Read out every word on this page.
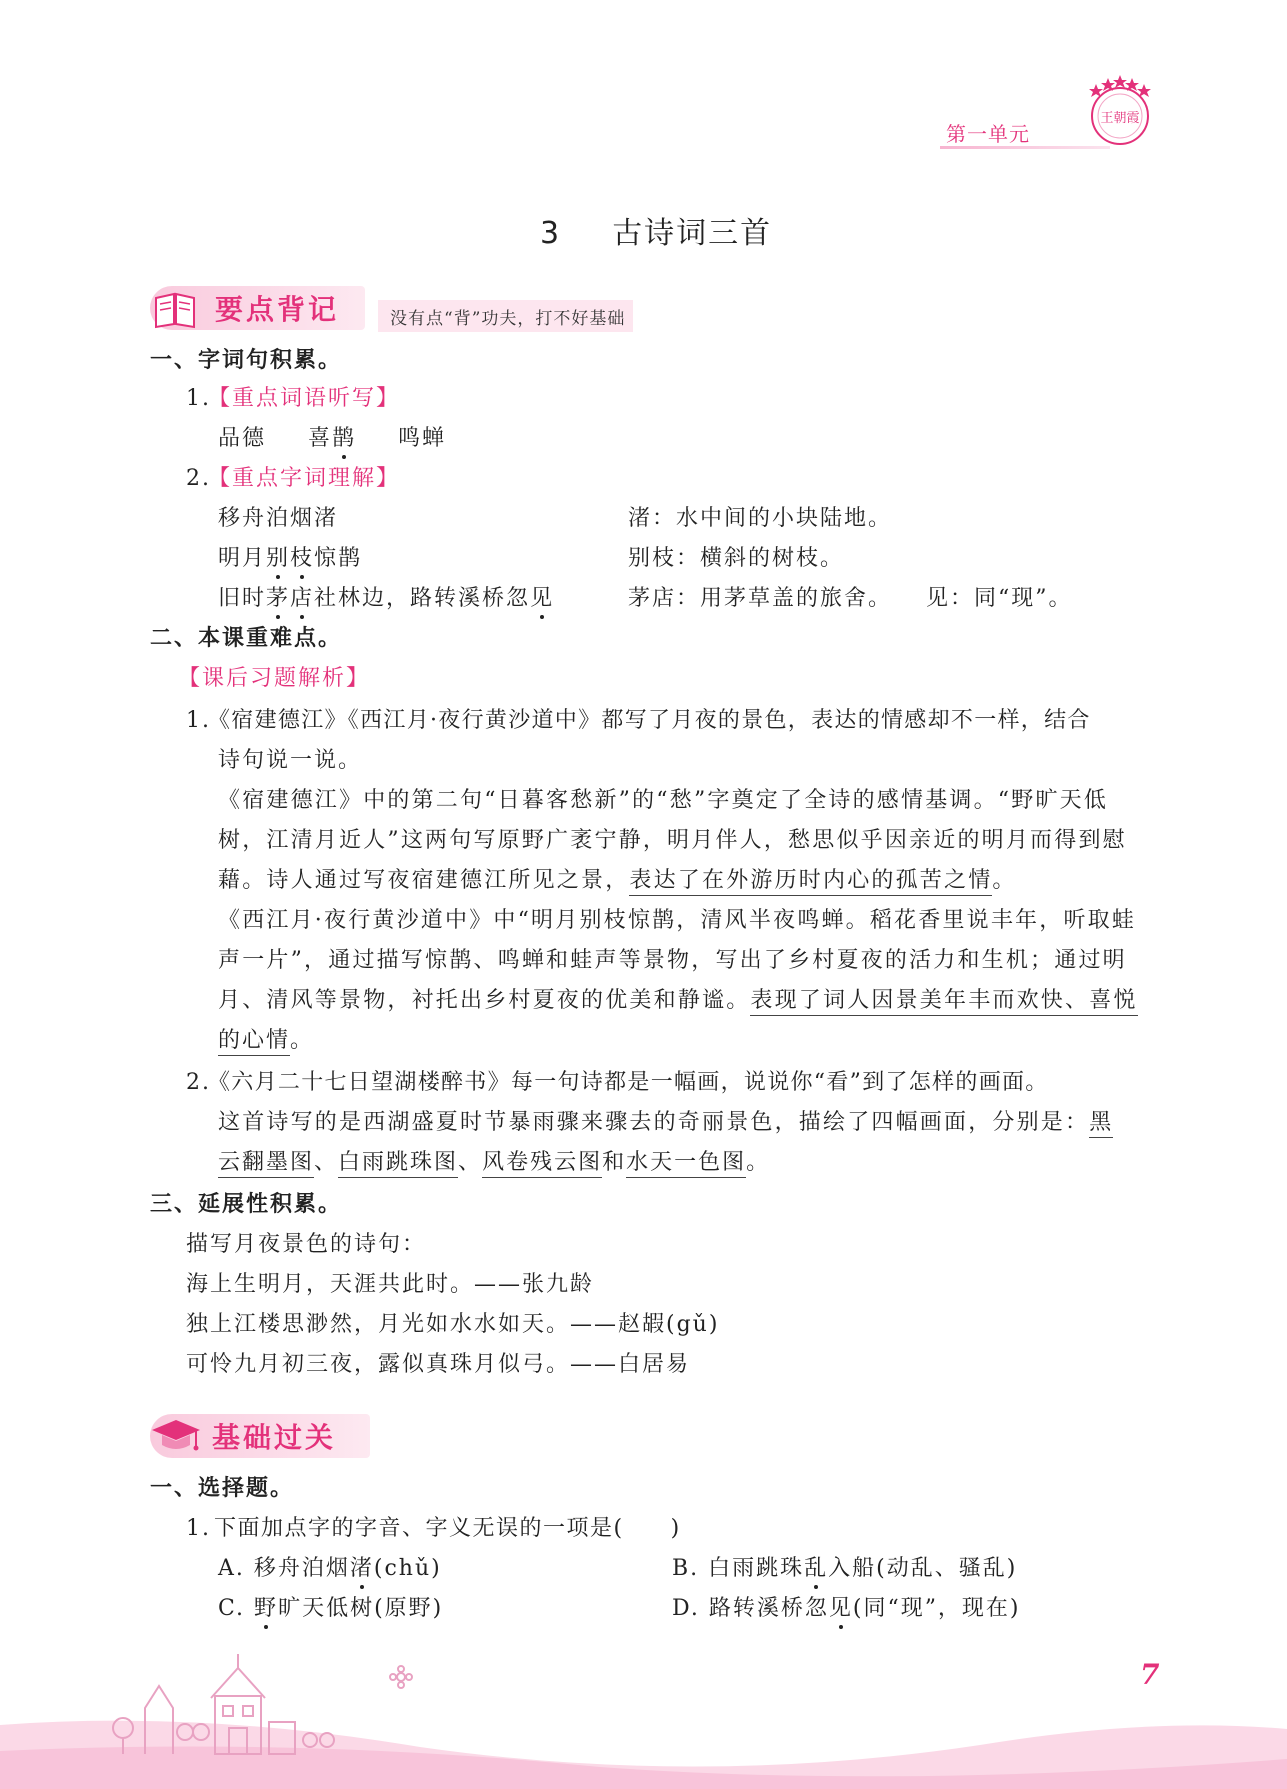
第一单元
王朝霞
3 古诗词三首
要点背记	没有点“背”功夫，打不好基础
一、字词句积累。
1.
【重点词语听写】
品德 喜鹊 鸣蝉
2.
【重点字词理解】
移舟泊烟渚	渚：水中间的小块陆地。
明月别枝惊鹊	别枝：横斜的树枝。
旧时茅店社林边，路转溪桥忽见	茅店：用茅草盖的旅舍。 见：同“现”。
二、本课重难点。
【课后习题解析】
1.
《宿建德江》《西江月·夜行黄沙道中》都写了月夜的景色，表达的情感却不一样，结合
诗句说一说。
《宿建德江》中的第二句“日暮客愁新”的“愁”字奠定了全诗的感情基调。“野旷天低
树，江清月近人”这两句写原野广袤宁静，明月伴人，愁思似乎因亲近的明月而得到慰
藉。诗人通过写夜宿建德江所见之景，表达了在外游历时内心的孤苦之情。
《西江月·夜行黄沙道中》中“明月别枝惊鹊，清风半夜鸣蝉。稻花香里说丰年，听取蛙
声一片”，通过描写惊鹊、鸣蝉和蛙声等景物，写出了乡村夏夜的活力和生机；通过明
月、清风等景物，衬托出乡村夏夜的优美和静谧。表现了词人因景美年丰而欢快、喜悦
的心情。
2.
《六月二十七日望湖楼醉书》每一句诗都是一幅画，说说你“看”到了怎样的画面。
这首诗写的是西湖盛夏时节暴雨骤来骤去的奇丽景色，描绘了四幅画面，分别是：黑
云翻墨图、白雨跳珠图、风卷残云图和水天一色图。
三、延展性积累。
描写月夜景色的诗句：
海上生明月，天涯共此时。——张九龄
独上江楼思渺然，月光如水水如天。——赵嘏(gǔ)
可怜九月初三夜，露似真珠月似弓。——白居易
基础过关
一、选择题。
1. 下面加点字的字音、字义无误的一项是(　　)
A. 移舟泊烟渚(chǔ)	B. 白雨跳珠乱入船(动乱、骚乱)
C. 野旷天低树(原野)	D. 路转溪桥忽见(同“现”，现在)
7
